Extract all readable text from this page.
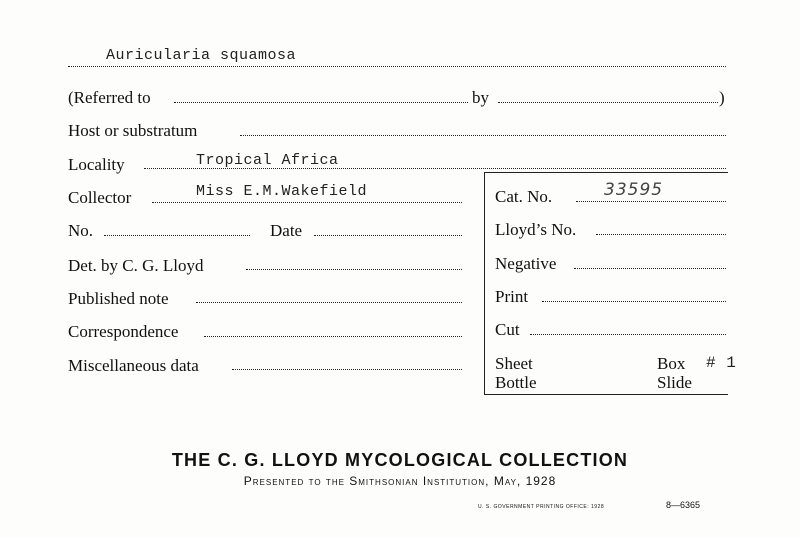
Auricularia squamosa
(Referred to	by	)
Host or substratum
Locality	Tropical Africa
Collector	Miss E.M.Wakefield
No.	Date
Det. by C. G. Lloyd
Published note
Correspondence
Miscellaneous data
Cat. No.	33595
Lloyd’s No.
Negative
Print
Cut
Sheet	Box # 1
Bottle	Slide
THE C. G. LLOYD MYCOLOGICAL COLLECTION
Presented to the Smithsonian Institution, May, 1928
U. S. GOVERNMENT PRINTING OFFICE: 1928	8—6365
